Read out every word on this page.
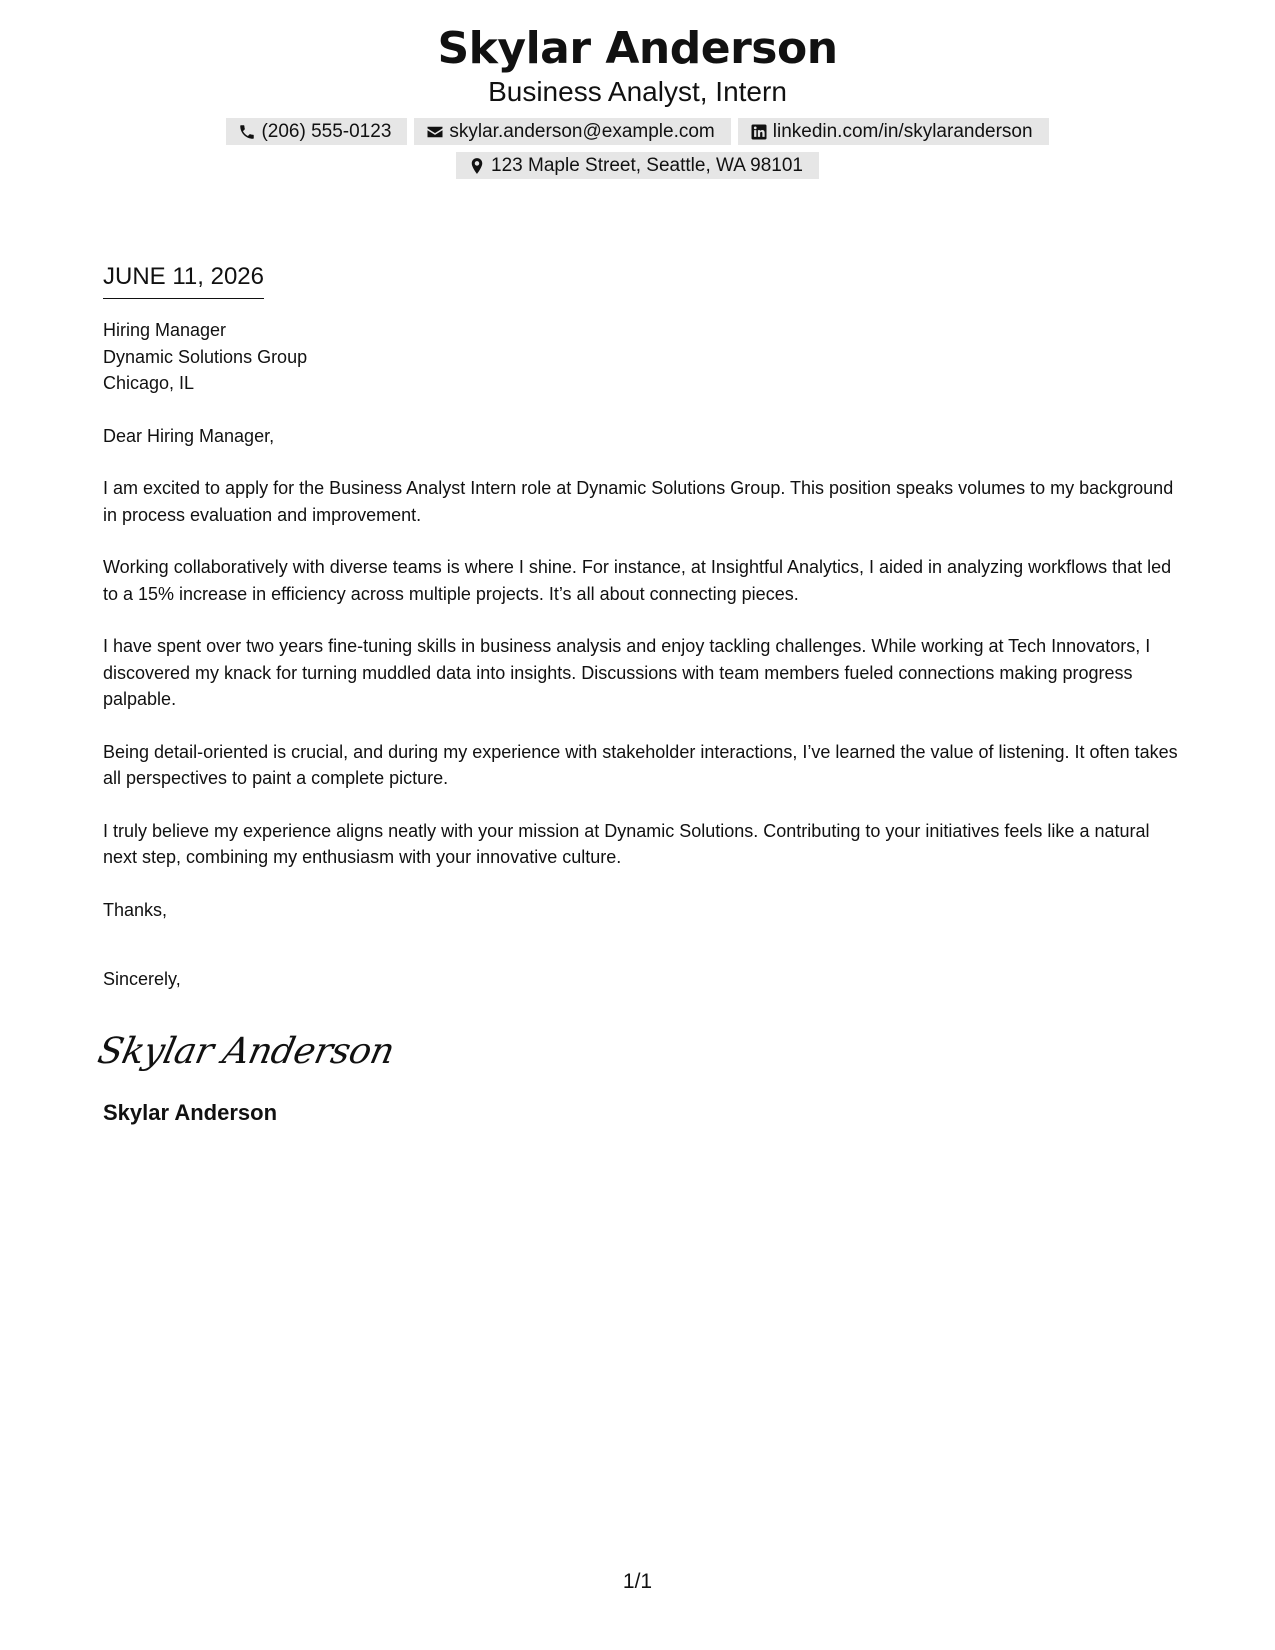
Skylar Anderson
Business Analyst, Intern
(206) 555-0123	skylar.anderson@example.com	linkedin.com/in/skylaranderson
123 Maple Street, Seattle, WA 98101
JUNE 11, 2026
Hiring Manager
Dynamic Solutions Group
Chicago, IL
Dear Hiring Manager,
I am excited to apply for the Business Analyst Intern role at Dynamic Solutions Group. This position speaks volumes to my background in process evaluation and improvement.
Working collaboratively with diverse teams is where I shine. For instance, at Insightful Analytics, I aided in analyzing workflows that led to a 15% increase in efficiency across multiple projects. It’s all about connecting pieces.
I have spent over two years fine-tuning skills in business analysis and enjoy tackling challenges. While working at Tech Innovators, I discovered my knack for turning muddled data into insights. Discussions with team members fueled connections making progress palpable.
Being detail-oriented is crucial, and during my experience with stakeholder interactions, I’ve learned the value of listening. It often takes all perspectives to paint a complete picture.
I truly believe my experience aligns neatly with your mission at Dynamic Solutions. Contributing to your initiatives feels like a natural next step, combining my enthusiasm with your innovative culture.
Thanks,
Sincerely,
Skylar Anderson
Skylar Anderson
1/1
